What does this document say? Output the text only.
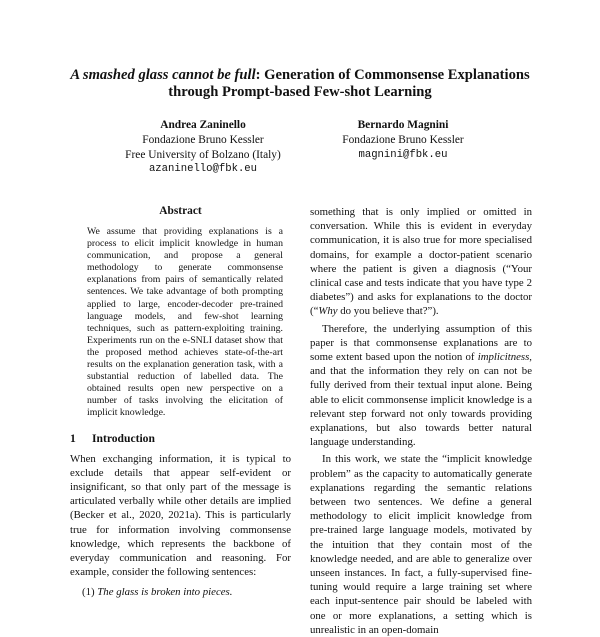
A smashed glass cannot be full: Generation of Commonsense Explanations
through Prompt-based Few-shot Learning
Andrea Zaninello
Fondazione Bruno Kessler
Free University of Bolzano (Italy)
azaninello@fbk.eu
Bernardo Magnini
Fondazione Bruno Kessler
magnini@fbk.eu
Abstract
We assume that providing explanations is a process to elicit implicit knowledge in human communication, and propose a general methodology to generate commonsense explanations from pairs of semantically related sentences. We take advantage of both prompting applied to large, encoder-decoder pre-trained language models, and few-shot learning techniques, such as pattern-exploiting training. Experiments run on the e-SNLI dataset show that the proposed method achieves state-of-the-art results on the explanation generation task, with a substantial reduction of labelled data. The obtained results open new perspective on a number of tasks involving the elicitation of implicit knowledge.
1 Introduction

When exchanging information, it is typical to exclude details that appear self-evident or insignificant, so that only part of the message is articulated verbally while other details are implied (Becker et al., 2020, 2021a). This is particularly true for information involving commonsense knowledge, which represents the backbone of everyday communication and reasoning. For example, consider the following sentences:

(1) The glass is broken into pieces.

something that is only implied or omitted in conversation. While this is evident in everyday communication, it is also true for more specialised domains, for example a doctor-patient scenario where the patient is given a diagnosis (“Your clinical case and tests indicate that you have type 2 diabetes”) and asks for explanations to the doctor (“Why do you believe that?”).

Therefore, the underlying assumption of this paper is that commonsense explanations are to some extent based upon the notion of implicitness, and that the information they rely on can not be fully derived from their textual input alone. Being able to elicit commonsense implicit knowledge is a relevant step forward not only towards providing explanations, but also towards better natural language understanding.

In this work, we state the “implicit knowledge problem” as the capacity to automatically generate explanations regarding the semantic relations between two sentences. We define a general methodology to elicit implicit knowledge from pre-trained large language models, motivated by the intuition that they contain most of the knowledge needed, and are able to generalize over unseen instances. In fact, a fully-supervised fine-tuning would require a large training set where each input-sentence pair should be labeled with one or more explanations, a setting which is unrealistic in an open-domain
